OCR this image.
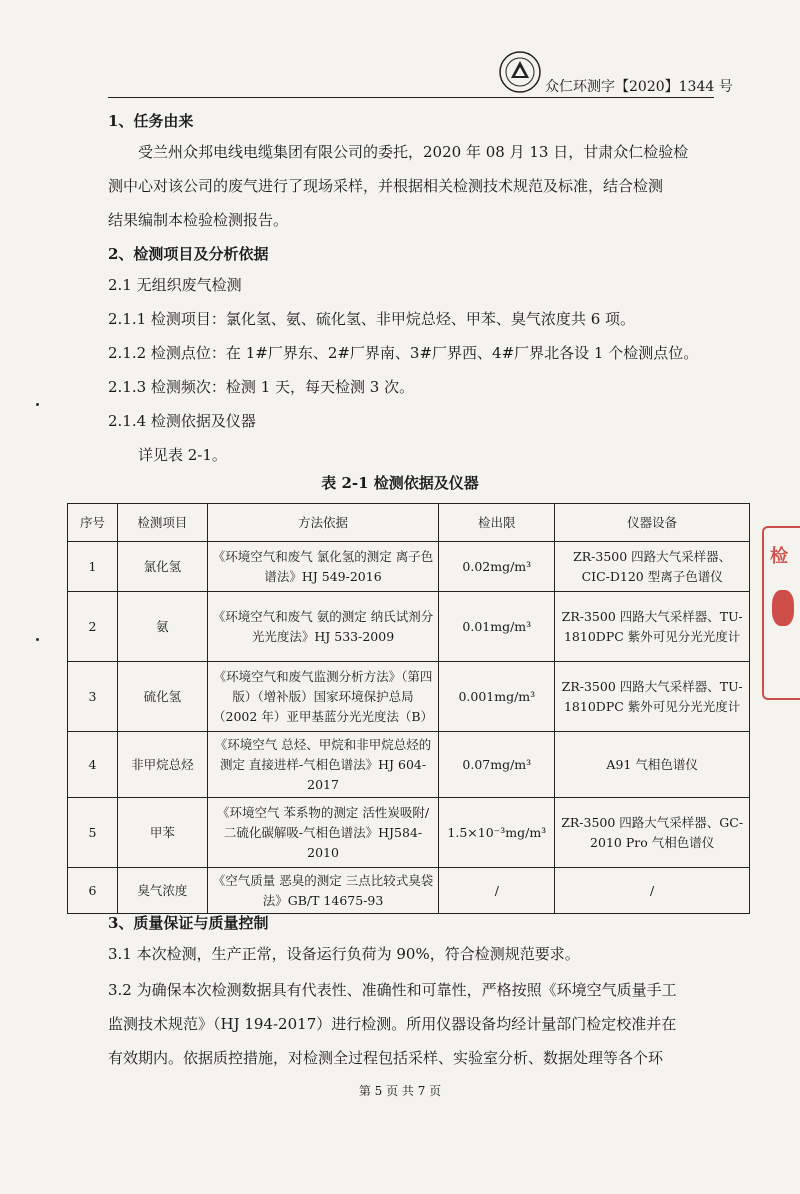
众仁环测字【2020】1344 号
1、任务由来
受兰州众邦电线电缆集团有限公司的委托，2020 年 08 月 13 日，甘肃众仁检验检
测中心对该公司的废气进行了现场采样，并根据相关检测技术规范及标准，结合检测
结果编制本检验检测报告。
2、检测项目及分析依据
2.1 无组织废气检测
2.1.1 检测项目：氯化氢、氨、硫化氢、非甲烷总烃、甲苯、臭气浓度共 6 项。
2.1.2 检测点位：在 1#厂界东、2#厂界南、3#厂界西、4#厂界北各设 1 个检测点位。
2.1.3 检测频次：检测 1 天，每天检测 3 次。
2.1.4 检测依据及仪器
详见表 2-1。
表 2-1 检测依据及仪器
序号	检测项目	方法依据	检出限	仪器设备
1	氯化氢	《环境空气和废气 氯化氢的测定 离子色谱法》HJ 549-2016	0.02mg/m³	ZR-3500 四路大气采样器、CIC-D120 型离子色谱仪
2	氨	《环境空气和废气 氨的测定 纳氏试剂分光光度法》HJ 533-2009	0.01mg/m³	ZR-3500 四路大气采样器、TU-1810DPC 紫外可见分光光度计
3	硫化氢	《环境空气和废气监测分析方法》（第四版）（增补版）国家环境保护总局（2002 年）亚甲基蓝分光光度法（B）	0.001mg/m³	ZR-3500 四路大气采样器、TU-1810DPC 紫外可见分光光度计
4	非甲烷总烃	《环境空气 总烃、甲烷和非甲烷总烃的测定 直接进样-气相色谱法》HJ 604-2017	0.07mg/m³	A91 气相色谱仪
5	甲苯	《环境空气 苯系物的测定 活性炭吸附/二硫化碳解吸-气相色谱法》HJ584-2010	1.5×10⁻³mg/m³	ZR-3500 四路大气采样器、GC-2010 Pro 气相色谱仪
6	臭气浓度	《空气质量 恶臭的测定 三点比较式臭袋法》GB/T 14675-93	/	/
3、质量保证与质量控制
3.1 本次检测，生产正常，设备运行负荷为 90%，符合检测规范要求。
3.2 为确保本次检测数据具有代表性、准确性和可靠性，严格按照《环境空气质量手工
监测技术规范》（HJ 194-2017）进行检测。所用仪器设备均经计量部门检定校准并在
有效期内。依据质控措施，对检测全过程包括采样、实验室分析、数据处理等各个环
第 5 页 共 7 页
检
